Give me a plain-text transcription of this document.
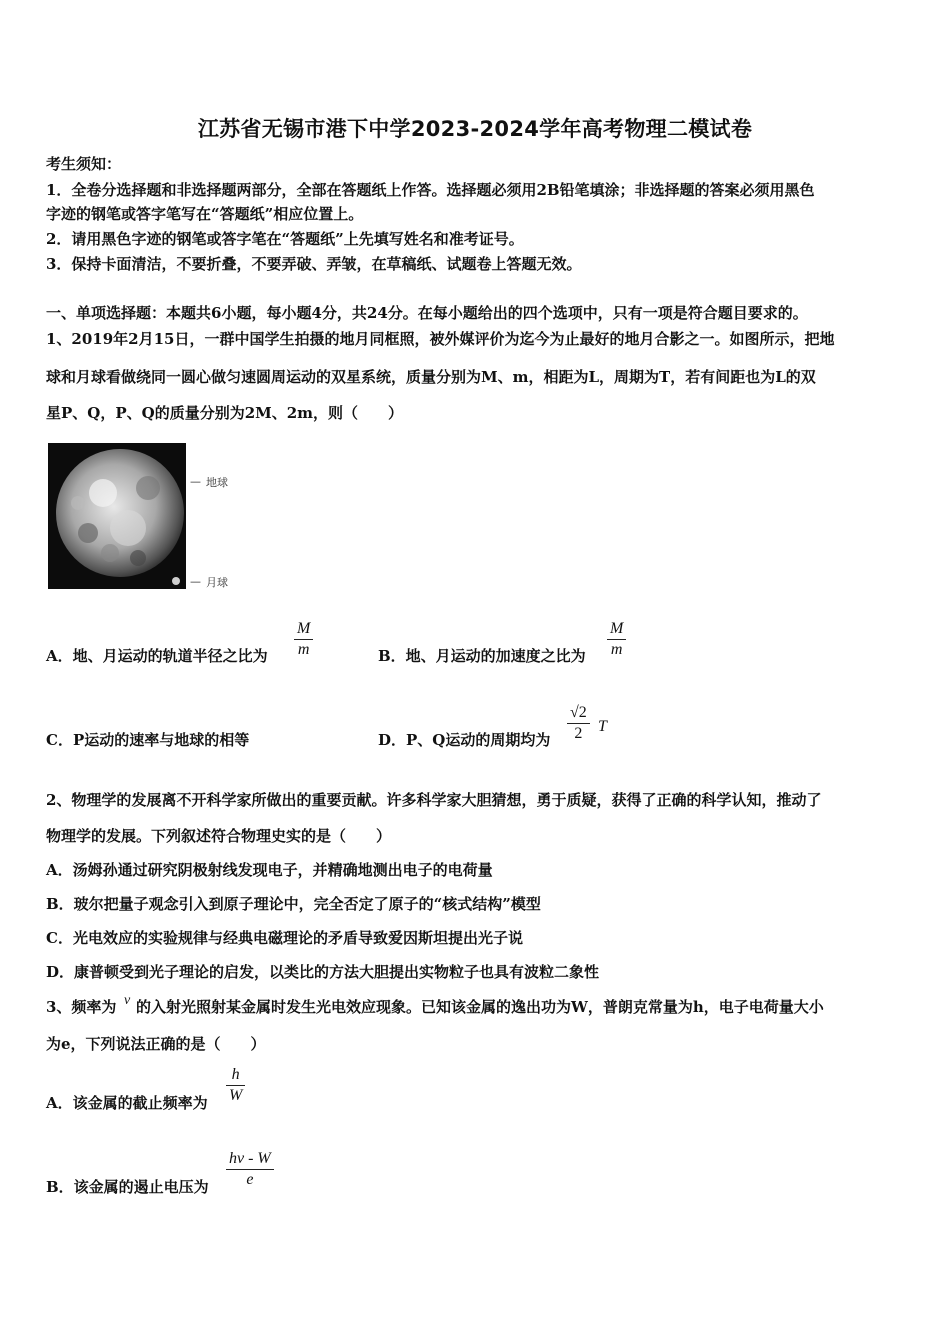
江苏省无锡市港下中学2023-2024学年高考物理二模试卷
考生须知：
1．全卷分选择题和非选择题两部分，全部在答题纸上作答。选择题必须用2B铅笔填涂；非选择题的答案必须用黑色
字迹的钢笔或答字笔写在“答题纸”相应位置上。
2．请用黑色字迹的钢笔或答字笔在“答题纸”上先填写姓名和准考证号。
3．保持卡面清洁，不要折叠，不要弄破、弄皱，在草稿纸、试题卷上答题无效。
一、单项选择题：本题共6小题，每小题4分，共24分。在每小题给出的四个选项中，只有一项是符合题目要求的。
1、2019年2月15日，一群中国学生拍摄的地月同框照，被外媒评价为迄今为止最好的地月合影之一。如图所示，把地
球和月球看做绕同一圆心做匀速圆周运动的双星系统，质量分别为M、m，相距为L，周期为T，若有间距也为L的双
星P、Q，P、Q的质量分别为2M、2m，则（　　）
— 地球
— 月球
A．地、月运动的轨道半径之比为
M
m	B．地、月运动的加速度之比为
M
m
C．P运动的速率与地球的相等	D．P、Q运动的周期均为
√2
2 T
2、物理学的发展离不开科学家所做出的重要贡献。许多科学家大胆猜想，勇于质疑，获得了正确的科学认知，推动了
物理学的发展。下列叙述符合物理史实的是（　　）
A．汤姆孙通过研究阴极射线发现电子，并精确地测出电子的电荷量
B．玻尔把量子观念引入到原子理论中，完全否定了原子的“核式结构”模型
C．光电效应的实验规律与经典电磁理论的矛盾导致爱因斯坦提出光子说
D．康普顿受到光子理论的启发，以类比的方法大胆提出实物粒子也具有波粒二象性
3、频率为 ν 的入射光照射某金属时发生光电效应现象。已知该金属的逸出功为W，普朗克常量为h，电子电荷量大小
为e，下列说法正确的是（　　）
A．该金属的截止频率为
h
W
B．该金属的遏止电压为
hν - W
e
